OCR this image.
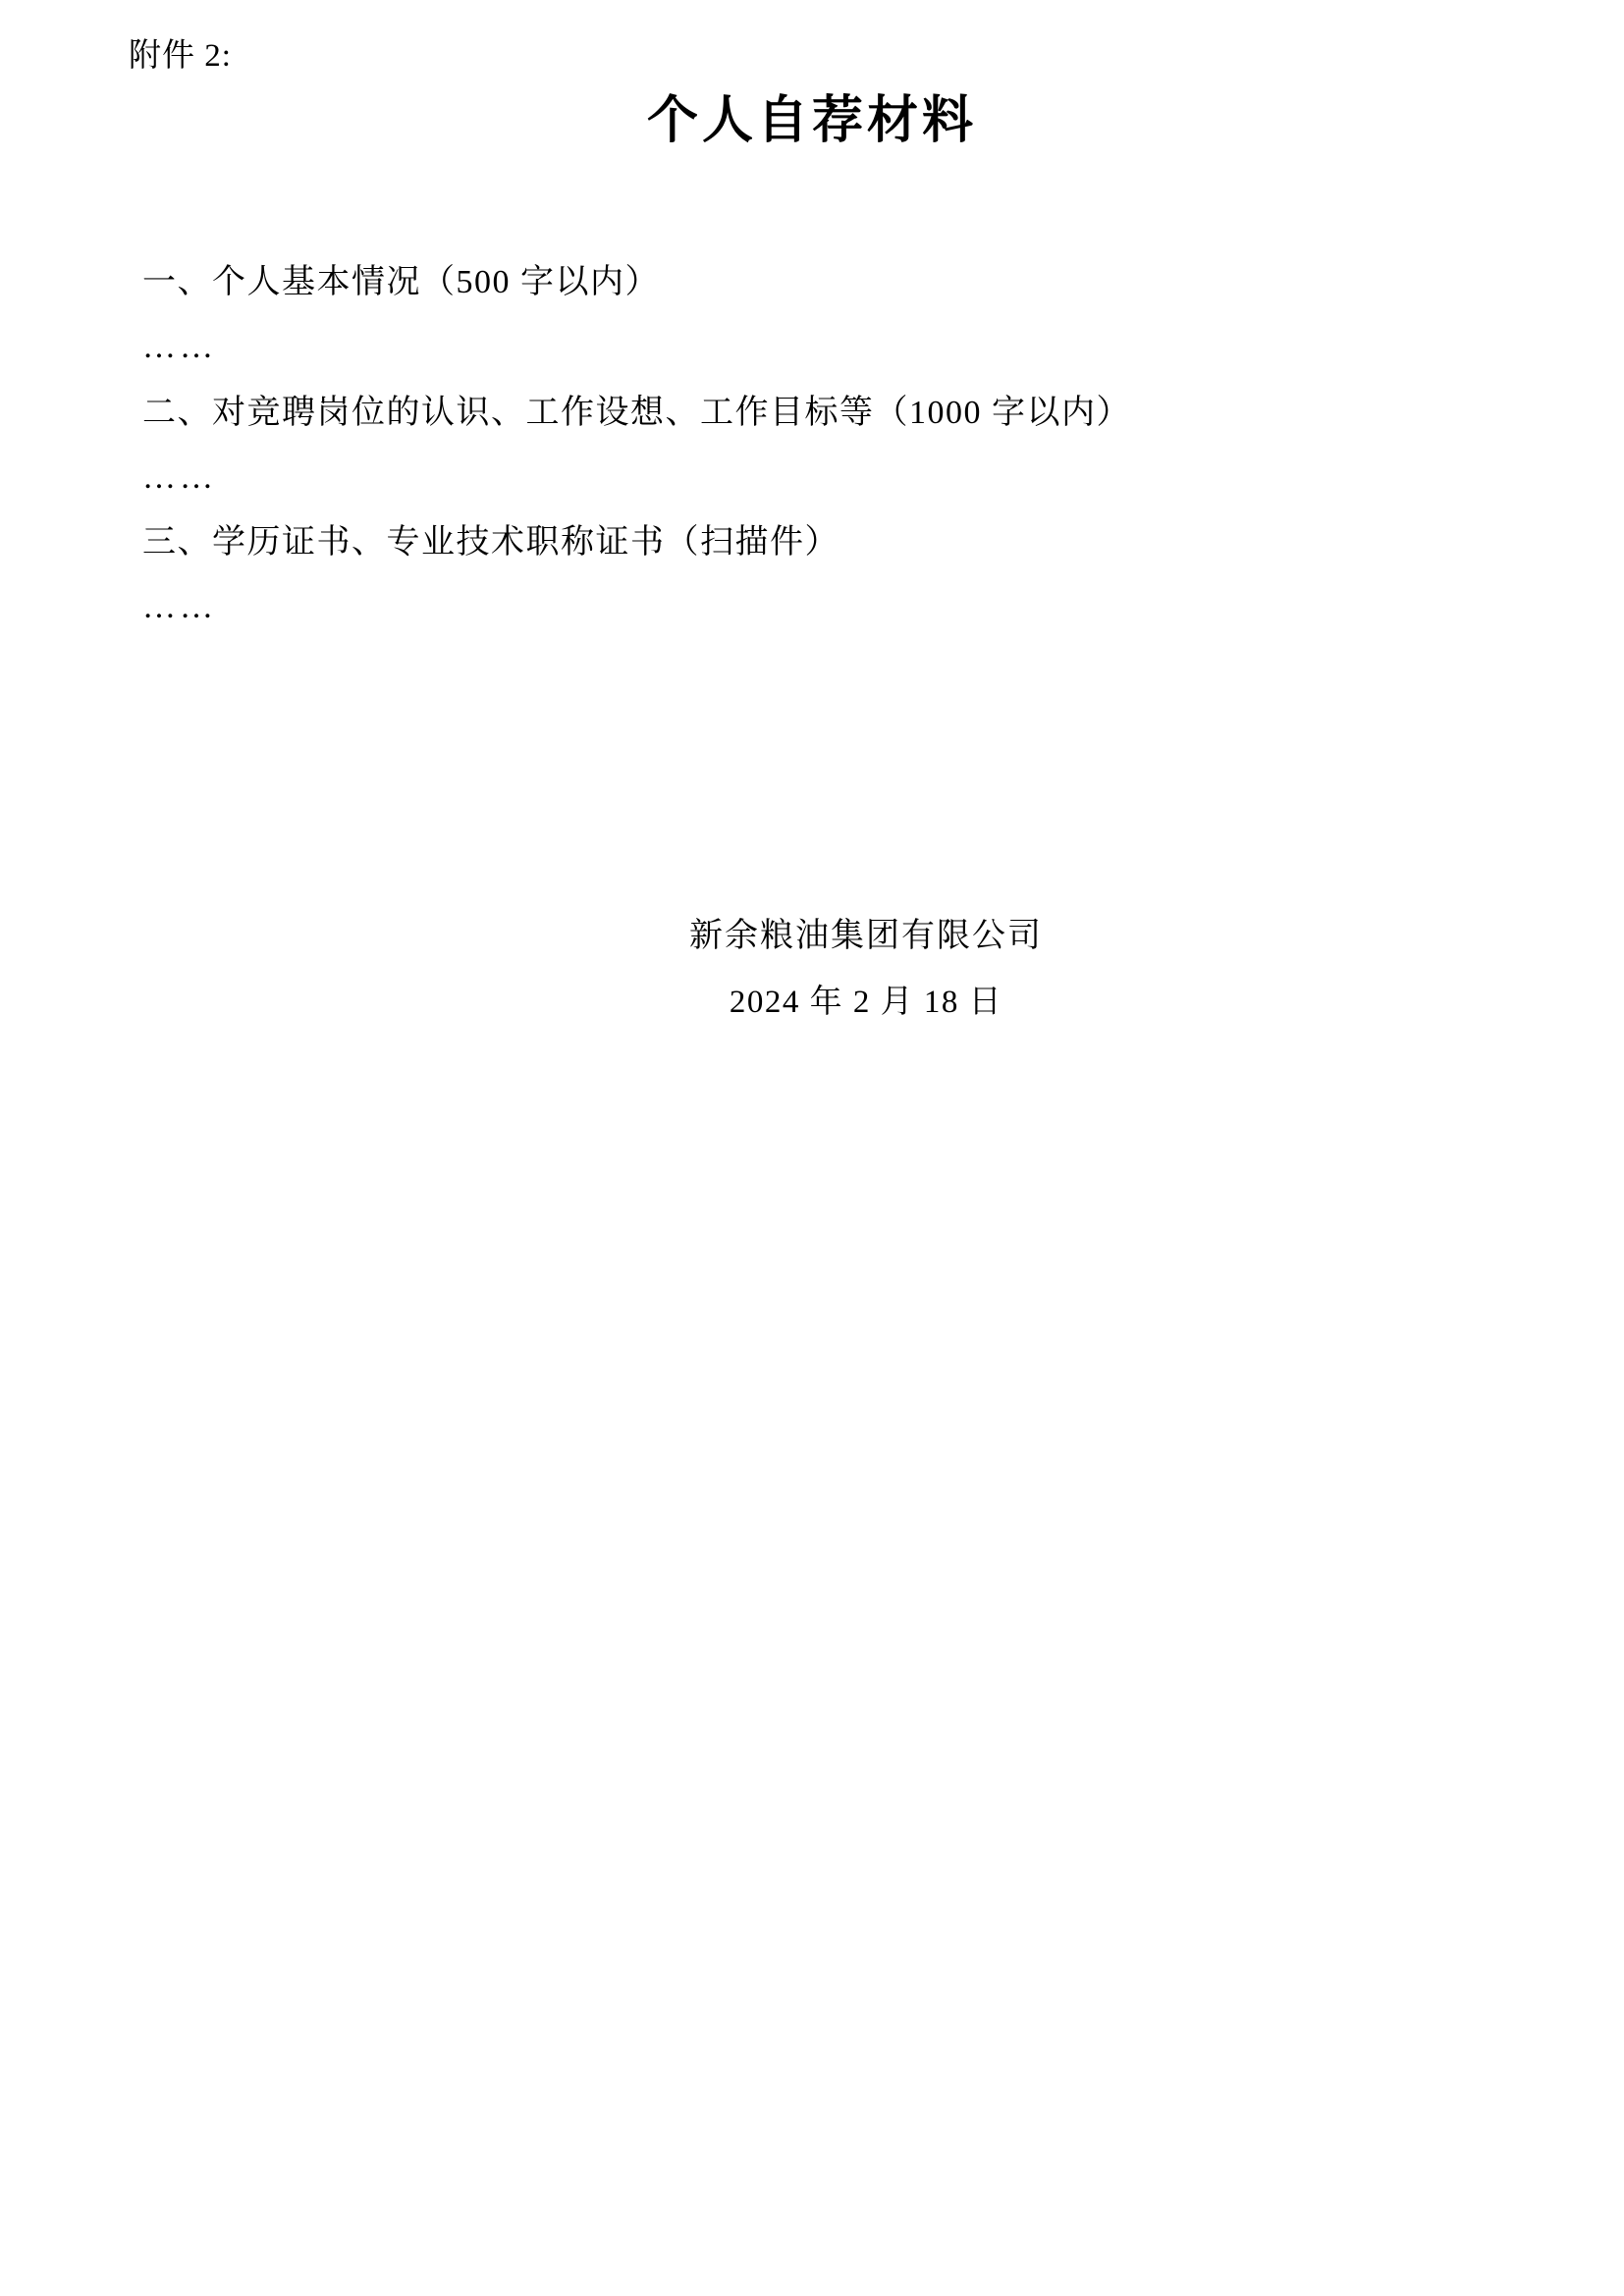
附件 2:
个人自荐材料

一、个人基本情况（500 字以内）

……

二、对竞聘岗位的认识、工作设想、工作目标等（1000 字以内）

……

三、学历证书、专业技术职称证书（扫描件）

……

新余粮油集团有限公司

2024 年 2 月 18 日
